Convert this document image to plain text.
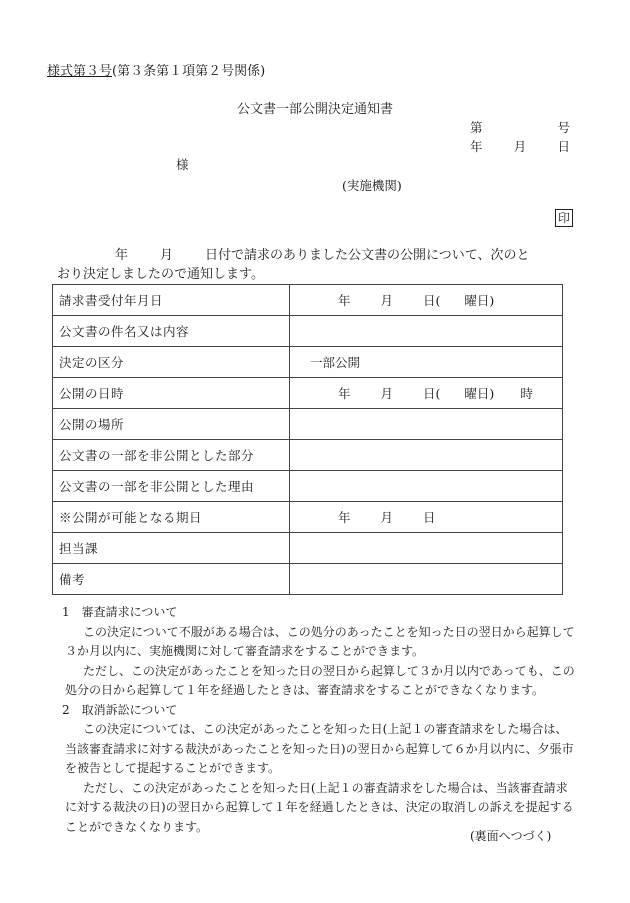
様式第３号(第３条第１項第２号関係)
公文書一部公開決定通知書
第	号
年 月 日
様
(実施機関)
印
年 月 日付で請求のありました公文書の公開について、次のと
おり決定しましたので通知します。
請求書受付年月日	年 月 日( 曜日)

公文書の件名又は内容	
決定の区分	一部公開

公開の日時	年 月 日( 曜日) 時

公開の場所	
公文書の一部を非公開とした部分	
公文書の一部を非公開とした理由	
※公開が可能となる期日	年 月 日

担当課	
備考	

1　審査請求について

この決定について不服がある場合は、この処分のあったことを知った日の翌日から起算して３か月以内に、実施機関に対して審査請求をすることができます。

ただし、この決定があったことを知った日の翌日から起算して３か月以内であっても、この処分の日から起算して１年を経過したときは、審査請求をすることができなくなります。

2　取消訴訟について

この決定については、この決定があったことを知った日(上記１の審査請求をした場合は、当該審査請求に対する裁決があったことを知った日)の翌日から起算して６か月以内に、夕張市を被告として提起することができます。

ただし、この決定があったことを知った日(上記１の審査請求をした場合は、当該審査請求に対する裁決の日)の翌日から起算して１年を経過したときは、決定の取消しの訴えを提起することができなくなります。

(裏面へつづく)
